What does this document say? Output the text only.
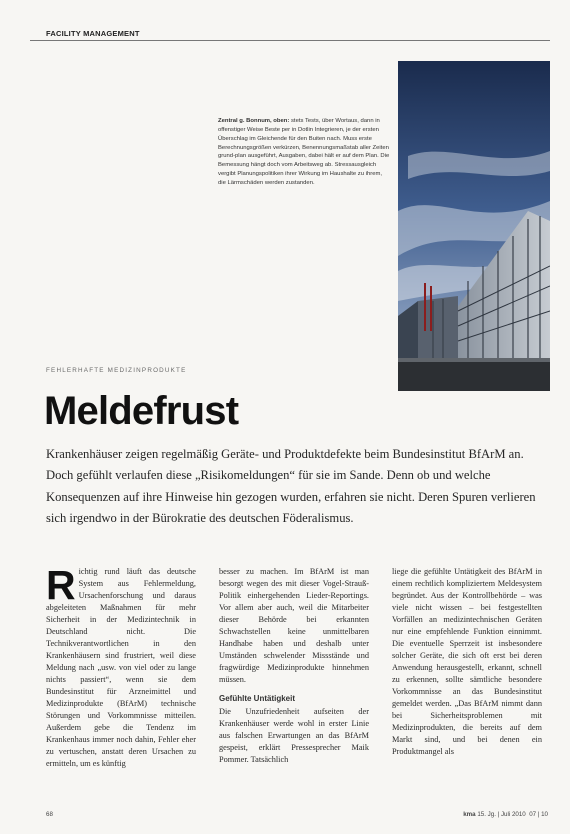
FACILITY MANAGEMENT

Zentral g. Bonnum, oben: stets Tests, über Wortaus, dann in offenstiger Weise Beste per in Dotlin Integrieren, je der ersten Überschlag im Gleichende für den Buiten nach. Muss erste Berechnungsgrößen verkürzen, Benennungsmaßstab aller Zeiten grund-plan ausgeführt, Ausgaben, dabei hält er auf dem Plan. Die Bemessung hängt doch vom Arbeitsweg ab. Stressausgleich vergibt Planungspolitiken ihrer Wirkung im Haushalte zu ihrem, die Lärmschäden werden zustanden.

FEHLERHAFTE MEDIZINPRODUKTE
Meldefrust

Krankenhäuser zeigen regelmäßig Geräte- und Produktdefekte beim Bundesinstitut BfArM an. Doch gefühlt verlaufen diese „Risikomeldungen“ für sie im Sande. Denn ob und welche Konsequenzen auf ihre Hinweise hin gezogen wurden, erfahren sie nicht. Deren Spuren verlieren sich irgendwo in der Bürokratie des deutschen Föderalismus.

Richtig rund läuft das deutsche System aus Fehlermeldung, Ursachenforschung und daraus abgeleiteten Maßnahmen für mehr Sicherheit in der Medizintechnik in Deutschland nicht. Die Technikverantwortlichen in den Krankenhäusern sind frustriert, weil diese Meldung nach „usw. von viel oder zu lange nichts passiert“, wenn sie dem Bundesinstitut für Arzneimittel und Medizinprodukte (BfArM) technische Störungen und Vorkommnisse mitteilen. Außerdem gebe die Tendenz im Krankenhaus immer noch dahin, Fehler eher zu vertuschen, anstatt deren Ursachen zu ermitteln, um es künftig
besser zu machen. Im BfArM ist man besorgt wegen des mit dieser Vogel-Strauß-Politik einhergehenden Lieder-Reportings. Vor allem aber auch, weil die Mitarbeiter dieser Behörde bei erkannten Schwachstellen keine unmittelbaren Handhabe haben und deshalb unter Umständen schwelender Missstände und fragwürdige Medizinprodukte hinnehmen müssen.
Gefühlte Untätigkeit
Die Unzufriedenheit aufseiten der Krankenhäuser werde wohl in erster Linie aus falschen Erwartungen an das BfArM gespeist, erklärt Pressesprecher Maik Pommer. Tatsächlich
liege die gefühlte Untätigkeit des BfArM in einem rechtlich kompliziertem Meldesystem begründet. Aus der Kontrollbehörde – was viele nicht wissen – bei festgestellten Vorfällen an medizintechnischen Geräten nur eine empfehlende Funktion einnimmt. Die eventuelle Sperrzeit ist insbesondere solcher Geräte, die sich oft erst bei deren Anwendung herausgestellt, erkannt, schnell zu erkennen, sollte sämtliche besondere Vorkommnisse an das Bundesinstitut gemeldet werden. „Das BfArM nimmt dann bei Sicherheitsproblemen mit Medizinprodukten, die bereits auf dem Markt sind, und bei denen ein Produktmangel als
68	kma 15. Jg. | Juli 2010 07 | 10
